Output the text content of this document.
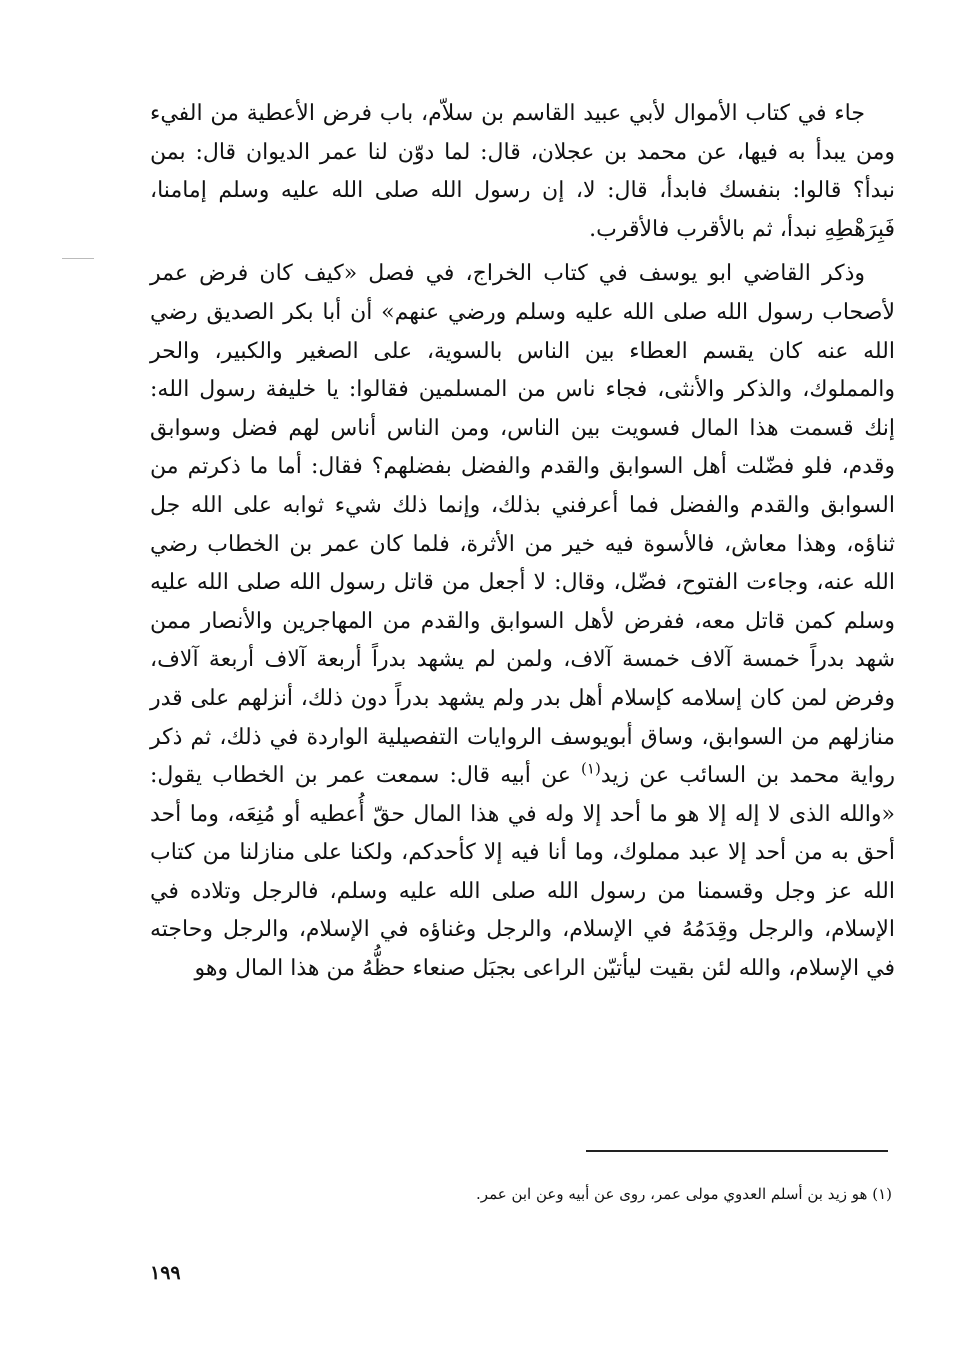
جاء في كتاب الأموال لأبي عبيد القاسم بن سلاّم، باب فرض الأعطية من الفيء ومن يبدأ به فيها، عن محمد بن عجلان، قال: لما دوّن لنا عمر الديوان قال: بمن نبدأ؟ قالوا: بنفسك فابدأ، قال: لا، إن رسول الله صلى الله عليه وسلم إمامنا، فَبِرَهْطِهِ نبدأ، ثم بالأقرب فالأقرب.

وذكر القاضي ابو يوسف في كتاب الخراج، في فصل «كيف كان فرض عمر لأصحاب رسول الله صلى الله عليه وسلم ورضي عنهم» أن أبا بكر الصديق رضي الله عنه كان يقسم العطاء بين الناس بالسوية، على الصغير والكبير، والحر والمملوك، والذكر والأنثى، فجاء ناس من المسلمين فقالوا: يا خليفة رسول الله: إنك قسمت هذا المال فسويت بين الناس، ومن الناس أناس لهم فضل وسوابق وقدم، فلو فضّلت أهل السوابق والقدم والفضل بفضلهم؟ فقال: أما ما ذكرتم من السوابق والقدم والفضل فما أعرفني بذلك، وإنما ذلك شيء ثوابه على الله جل ثناؤه، وهذا معاش، فالأسوة فيه خير من الأثرة، فلما كان عمر بن الخطاب رضي الله عنه، وجاءت الفتوح، فضّل، وقال: لا أجعل من قاتل رسول الله صلى الله عليه وسلم كمن قاتل معه، ففرض لأهل السوابق والقدم من المهاجرين والأنصار ممن شهد بدراً خمسة آلاف خمسة آلاف، ولمن لم يشهد بدراً أربعة آلاف أربعة آلاف، وفرض لمن كان إسلامه كإسلام أهل بدر ولم يشهد بدراً دون ذلك، أنزلهم على قدر منازلهم من السوابق، وساق أبويوسف الروايات التفصيلية الواردة في ذلك، ثم ذكر رواية محمد بن السائب عن زيد$^{(١)}$ عن أبيه قال: سمعت عمر بن الخطاب يقول: «والله الذى لا إله إلا هو ما أحد إلا وله في هذا المال حقّ أُعطيه أو مُنِعَه، وما أحد أحق به من أحد إلا عبد مملوك، وما أنا فيه إلا كأحدكم، ولكنا على منازلنا من كتاب الله عز وجل وقسمنا من رسول الله صلى الله عليه وسلم، فالرجل وتلاده في الإسلام، والرجل وقِدَمُهُ في الإسلام، والرجل وغناؤه في الإسلام، والرجل وحاجته في الإسلام، والله لئن بقيت ليأتيّن الراعى بجبَل صنعاء حظُّهُ من هذا المال وهو

(١) هو زيد بن أسلم العدوي مولى عمر، روى عن أبيه وعن ابن عمر.
١٩٩
